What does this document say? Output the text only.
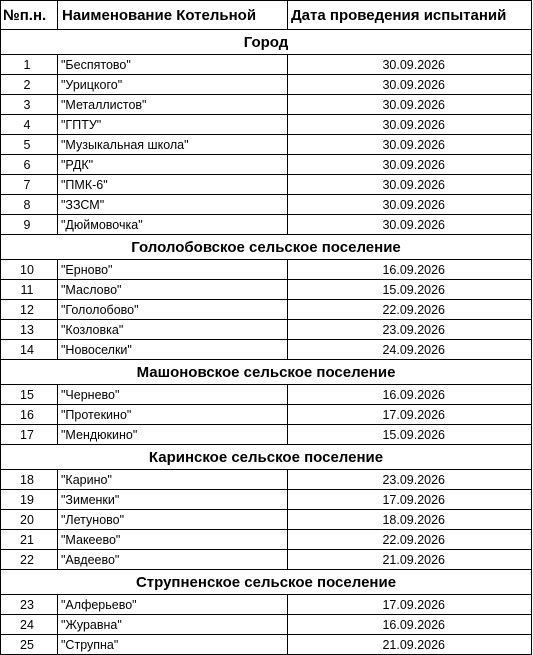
№п.н.	Наименование Котельной	Дата проведения испытаний
Город		
1	"Беспятово"	30.09.2026
2	"Урицкого"	30.09.2026
3	"Металлистов"	30.09.2026
4	"ГПТУ"	30.09.2026
5	"Музыкальная школа"	30.09.2026
6	"РДК"	30.09.2026
7	"ПМК-6"	30.09.2026
8	"ЗЗСМ"	30.09.2026
9	"Дюймовочка"	30.09.2026
Гололобовское сельское поселение		
10	"Ерново"	16.09.2026
11	"Маслово"	15.09.2026
12	"Гололобово"	22.09.2026
13	"Козловка"	23.09.2026
14	"Новоселки"	24.09.2026
Машоновское сельское поселение		
15	"Чернево"	16.09.2026
16	"Протекино"	17.09.2026
17	"Мендюкино"	15.09.2026
Каринское сельское поселение		
18	"Карино"	23.09.2026
19	"Зименки"	17.09.2026
20	"Летуново"	18.09.2026
21	"Макеево"	22.09.2026
22	"Авдеево"	21.09.2026
Струпненское сельское поселение		
23	"Алферьево"	17.09.2026
24	"Журавна"	16.09.2026
25	"Струпна"	21.09.2026
